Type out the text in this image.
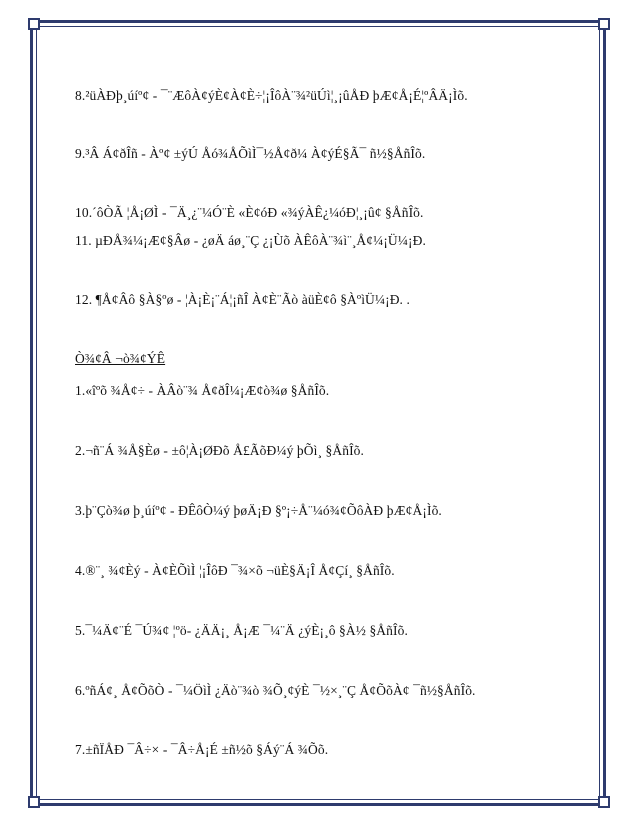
8.²üÀÐþ¸úíº¢ - ¯¨ÆôÀ¢ýÈ¢À¢È÷¦¡ÎôÀ¨¾²üÚì¦¸¡ûÅÐ þÆ¢Å¡É¦ºÂÄ¡Ìõ.
9.³Â Á¢ðÎñ - Àº¢ ±ýÚ Åó¾ÅÕìÌ¯½Å¢ð¼ À¢ýÉ§Ã¯ ñ½§ÅñÎõ.
10.´ôÒÃ ¦Å¡ØÌ - ¯Ä¸¿¨¼Ó¨È «È¢óÐ «¾ýÀÊ¿¼óÐ¦¸¡û¢ §ÅñÎõ.
11. µÐÅ¾¼¡Æ¢§Âø - ¿øÄ áø¸¨Ç ¿¡Ùõ ÀÊôÀ¨¾ì¨¸Å¢¼¡Ü¼¡Ð.
12. ¶Å¢Âô §À§ºø - ¦À¡È¡¨Á¦¡ñÎ À¢È¨Ãò àüÈ¢ô §ÀºìÜ¼¡Ð. .
Ò¾¢Â ¬ò¾¢ÝÊ
1.«îºõ ¾Å¢÷ - ÀÂò¨¾ Å¢ðÎ¼¡Æ¢ò¾ø §ÅñÎõ.
2.¬ñ¨Á ¾Å§Èø - ±ô¦À¡ØÐõ Å£ÃõÐ¼ý þÕì¸ §ÅñÎõ.
3.þ¨Çò¾ø þ¸úíº¢ - ÐÊôÒ¼ý þøÄ¡Ð §º¡÷Å¨¼ó¾¢ÕôÀÐ þÆ¢Å¡Ìõ.
4.®¨¸ ¾¢Èý - À¢ÈÕìÌ ¦¡ÎôÐ ¯¾×õ ¬üÈ§Ä¡Î Å¢Çí¸ §ÅñÎõ.
5.¯¼Ä¢¨É ¯Ú¾¢ ¦ºö- ¿ÄÄ¡¸ Å¡Æ ¯¼¨Ä ¿ýÈ¡¸ô §À½ §ÅñÎõ.
6.ºñÁ¢¸ Å¢ÕõÒ - ¯¼ÖìÌ ¿Äò¨¾ò ¾Õ¸¢ýÈ ¯½×¸¨Ç Å¢ÕõÀ¢ ¯ñ½§ÅñÎõ.
7.±ñÏÅÐ ¯Â÷× - ¯Â÷Å¡É ±ñ½õ §Áý¨Á ¾Õõ.
